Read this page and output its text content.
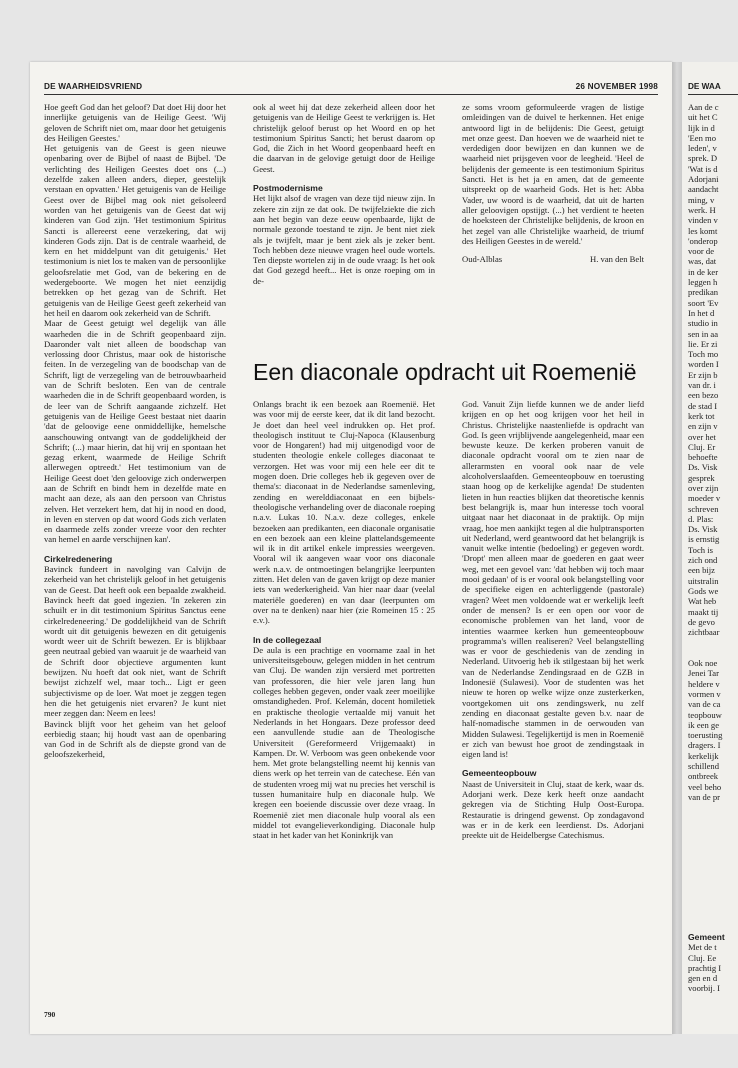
DE WAARHEIDSVRIEND	26 NOVEMBER 1998

Hoe geeft God dan het geloof? Dat doet Hij door het innerlijke getuigenis van de Heilige Geest. 'Wij geloven de Schrift niet om, maar door het getuigenis des Heiligen Geestes.'

Het getuigenis van de Geest is geen nieuwe openbaring over de Bijbel of naast de Bijbel. 'De verlichting des Heiligen Geestes doet ons (...) dezelfde zaken alleen anders, dieper, geestelijk verstaan en opvatten.' Het getuigenis van de Heilige Geest over de Bijbel mag ook niet geïsoleerd worden van het getuigenis van de Geest dat wij kinderen van God zijn. 'Het testimonium Spiritus Sancti is allereerst eene verzekering, dat wij kinderen Gods zijn. Dat is de centrale waarheid, de kern en het middelpunt van dit getuigenis.' Het testimonium is niet los te maken van de persoonlijke geloofsrelatie met God, van de bekering en de wedergeboorte. We mogen het niet eenzijdig betrekken op het gezag van de Schrift. Het getuigenis van de Heilige Geest geeft zekerheid van het heil en daarom ook zekerheid van de Schrift.

Maar de Geest getuigt wel degelijk van álle waarheden die in de Schrift geopenbaard zijn. Daaronder valt niet alleen de boodschap van verlossing door Christus, maar ook de historische feiten. In de verzegeling van de boodschap van de Schrift, ligt de verzegeling van de betrouwbaarheid van de Schrift besloten. Een van de centrale waarheden die in de Schrift geopenbaard worden, is de leer van de Schrift aangaande zichzelf. Het getuigenis van de Heilige Geest bestaat niet daarin 'dat de geloovige eene onmiddellijke, hemelsche aanschouwing ontvangt van de goddelijkheid der Schrift; (...) maar hierin, dat hij vrij en spontaan het gezag erkent, waarmede de Heilige Schrift allerwegen optreedt.' Het testimonium van de Heilige Geest doet 'den geloovige zich onderwerpen aan de Schrift en bindt hem in dezelfde mate en macht aan deze, als aan den persoon van Christus zelven. Het verzekert hem, dat hij in nood en dood, in leven en sterven op dat woord Gods zich verlaten en daarmede zelfs zonder vreeze voor den rechter van hemel en aarde verschijnen kan'.

Cirkelredenering

Bavinck fundeert in navolging van Calvijn de zekerheid van het christelijk geloof in het getuigenis van de Geest. Dat heeft ook een bepaalde zwakheid. Bavinck heeft dat goed ingezien. 'In zekeren zin schuilt er in dit testimonium Spiritus Sanctus eene cirkelredeneering.' De goddelijkheid van de Schrift wordt uit dit getuigenis bewezen en dit getuigenis wordt weer uit de Schrift bewezen. Er is blijkbaar geen neutraal gebied van waaruit je de waarheid van de Schrift door objectieve argumenten kunt bewijzen. Nu hoeft dat ook niet, want de Schrift bewijst zichzelf wel, maar toch... Ligt er geen subjectivisme op de loer. Wat moet je zeggen tegen hen die het getuigenis niet ervaren? Je kunt niet meer zeggen dan: Neem en lees!

Bavinck blijft voor het geheim van het geloof eerbiedig staan; hij houdt vast aan de openbaring van God in de Schrift als de diepste grond van de geloofszekerheid,

ook al weet hij dat deze zekerheid alleen door het getuigenis van de Heilige Geest te verkrijgen is. Het christelijk geloof berust op het Woord en op het testimonium Spiritus Sancti; het berust daarom op God, die Zich in het Woord geopenbaard heeft en die daarvan in de gelovige getuigt door de Heilige Geest.

Postmodernisme

Het lijkt alsof de vragen van deze tijd nieuw zijn. In zekere zin zijn ze dat ook. De twijfelziekte die zich aan het begin van deze eeuw openbaarde, lijkt de normale gezonde toestand te zijn. Je bent niet ziek als je twijfelt, maar je bent ziek als je zeker bent. Toch hebben deze nieuwe vragen heel oude wortels. Ten diepste wortelen zij in de oude vraag: Is het ook dat God gezegd heeft... Het is onze roeping om in de-

ze soms vroom geformuleerde vragen de listige omleidingen van de duivel te herkennen. Het enige antwoord ligt in de belijdenis: Die Geest, getuigt met onze geest. Dan hoeven we de waarheid niet te verdedigen door bewijzen en dan kunnen we de waarheid niet prijsgeven voor de leegheid. 'Heel de belijdenis der gemeente is een testimonium Spiritus Sancti. Het is het ja en amen, dat de gemeente uitspreekt op de waarheid Gods. Het is het: Abba Vader, uw woord is de waarheid, dat uit de harten aller geloovigen opstijgt. (...) het verdient te heeten de hoeksteen der Christelijke belijdenis, de kroon en het zegel van alle Christelijke waarheid, de triumf des Heiligen Geestes in de wereld.'

Oud-Alblas	H. van den Belt
Een diaconale opdracht uit Roemenië

Onlangs bracht ik een bezoek aan Roemenië. Het was voor mij de eerste keer, dat ik dit land bezocht. Je doet dan heel veel indrukken op. Het prof. theologisch instituut te Cluj-Napoca (Klausenburg voor de Hongaren!) had mij uitgenodigd voor de studenten theologie enkele colleges diaconaat te verzorgen. Het was voor mij een hele eer dit te mogen doen. Drie colleges heb ik gegeven over de thema's: diaconaat in de Nederlandse samenleving, zending en werelddiaconaat en een bijbels-theologische verhandeling over de diaconale roeping n.a.v. Lukas 10. N.a.v. deze colleges, enkele bezoeken aan predikanten, een diaconale organisatie en een bezoek aan een kleine plattelandsgemeente wil ik in dit artikel enkele impressies weergeven. Vooral wil ik aangeven waar voor ons diaconale werk n.a.v. de ontmoetingen belangrijke leerpunten zitten. Het delen van de gaven krijgt op deze manier iets van wederkerigheid. Van hier naar daar (veelal materiële goederen) en van daar (leerpunten om over na te denken) naar hier (zie Romeinen 15 : 25 e.v.).

In de collegezaal

De aula is een prachtige en voorname zaal in het universiteitsgebouw, gelegen midden in het centrum van Cluj. De wanden zijn versierd met portretten van professoren, die hier vele jaren lang hun colleges hebben gegeven, onder vaak zeer moeilijke omstandigheden. Prof. Kelemán, docent homiletiek en praktische theologie vertaalde mij vanuit het Nederlands in het Hongaars. Deze professor deed een aanvullende studie aan de Theologische Universiteit (Gereformeerd Vrijgemaakt) in Kampen. Dr. W. Verboom was geen onbekende voor hem. Met grote belangstelling neemt hij kennis van diens werk op het terrein van de catechese. Eén van de studenten vroeg mij wat nu precies het verschil is tussen humanitaire hulp en diaconale hulp. We kregen een boeiende discussie over deze vraag. In Roemenië ziet men diaconale hulp vooral als een middel tot evangelieverkondiging. Diaconale hulp staat in het kader van het Koninkrijk van

God. Vanuit Zijn liefde kunnen we de ander liefd krijgen en op het oog krijgen voor het heil in Christus. Christelijke naastenliefde is opdracht van God. Is geen vrijblijvende aangelegenheid, maar een bewuste keuze. De kerken proberen vanuit de diaconale opdracht vooral om te zien naar de allerarmsten en vooral ook naar de vele alcoholverslaafden. Gemeenteopbouw en toerusting staan hoog op de kerkelijke agenda! De studenten lieten in hun reacties blijken dat theoretische kennis best belangrijk is, maar hun interesse toch vooral uitgaat naar het diaconaat in de praktijk. Op mijn vraag, hoe men aankijkt tegen al die hulptransporten uit Nederland, werd geantwoord dat het belangrijk is vanuit welke intentie (bedoeling) er gegeven wordt. 'Dropt' men alleen maar de goederen en gaat weer weg, met een gevoel van: 'dat hebben wij toch maar mooi gedaan' of is er vooral ook belangstelling voor de specifieke eigen en achterliggende (pastorale) vragen? Weet men voldoende wat er werkelijk leeft onder de mensen? Is er een open oor voor de economische problemen van het land, voor de intenties waarmee kerken hun gemeenteopbouw programma's willen realiseren? Veel belangstelling was er voor de geschiedenis van de zending in Nederland. Uitvoerig heb ik stilgestaan bij het werk van de Nederlandse Zendingsraad en de GZB in Indonesië (Sulawesi). Voor de studenten was het nieuw te horen op welke wijze onze zusterkerken, voortgekomen uit ons zendingswerk, nu zelf zending en diaconaat gestalte geven b.v. naar de half-nomadische stammen in de oerwouden van Midden Sulawesi. Tegelijkertijd is men in Roemenië er zich van bewust hoe groot de zendingstaak in eigen land is!

Gemeenteopbouw

Naast de Universiteit in Cluj, staat de kerk, waar ds. Adorjani werk. Deze kerk heeft onze aandacht gekregen via de Stichting Hulp Oost-Europa. Restauratie is dringend gewenst. Op zondagavond was er in de kerk een leerdienst. Ds. Adorjani preekte uit de Heidelbergse Catechismus.

790
DE WAA
Aan de c
uit het C
lijk in d
'Een mo
leden', v
sprek. D
'Wat is d
Adorjani
aandacht
ming, v
werk. H
vinden v
les komt
'onderop
voor de
was, dat
in de ker
leggen h
predikan
soort 'Ev
In het d
studio in
sen in aa
lie. Er zi
Toch mo
worden I
Er zijn b
van dr. i
een bezo
de stad I
kerk tot
en zijn v
over het
Cluj. Er
behoefte
Ds. Visk
gesprek
over zijn
moeder v
schreven
d. Plas:
Ds. Visk
is ernstig
Toch is
zich ond
een bijz
uitstralin
Gods we
Wat heb
maakt tij
de gevo
zichtbaar

Ook noe
Jenei Tar
heldere v
vormen v
van de ca
teopbouw
ik een ge
toerusting
dragers. I
kerkelijk
schillend
ontbreek
veel beho
van de pr
Gemeent
Met de t
Cluj. Ee
prachtig I
gen en d
voorbij. I
